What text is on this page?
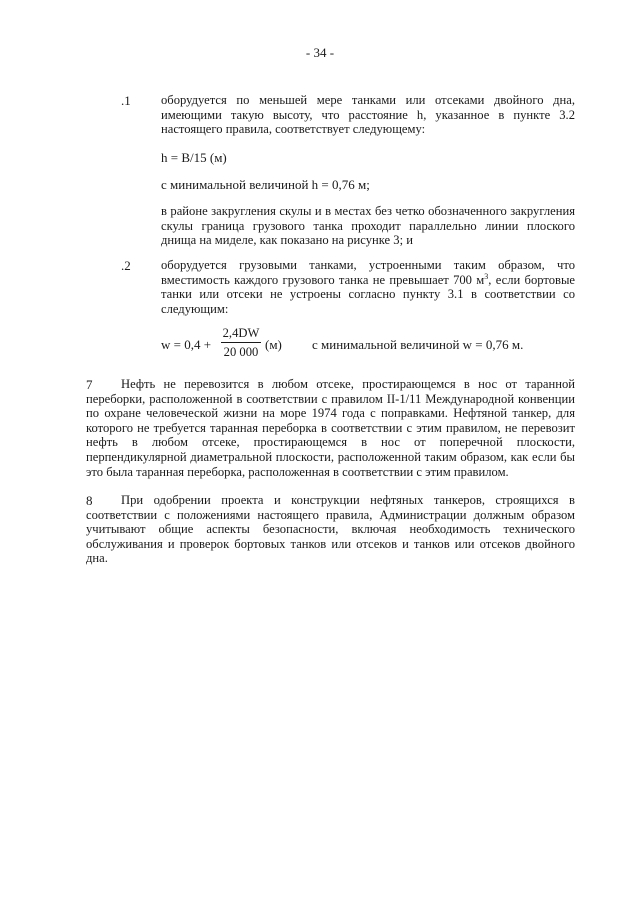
- 34 -
.1 оборудуется по меньшей мере танками или отсеками двойного дна, имеющими такую высоту, что расстояние h, указанное в пункте 3.2 настоящего правила, соответствует следующему:
h = B/15 (м)
с минимальной величиной h = 0,76 м;
в районе закругления скулы и в местах без четко обозначенного закругления скулы граница грузового танка проходит параллельно линии плоского днища на миделе, как показано на рисунке 3; и
.2 оборудуется грузовыми танками, устроенными таким образом, что вместимость каждого грузового танка не превышает 700 $м^3$, если бортовые танки или отсеки не устроены согласно пункту 3.1 в соответствии со следующим:
w = 0,4 +
2,4DW
20 000 (м) с минимальной величиной w = 0,76 м.
7	Нефть не перевозится в любом отсеке, простирающемся в нос от таранной переборки, расположенной в соответствии с правилом II-1/11 Международной конвенции по охране человеческой жизни на море 1974 года с поправками. Нефтяной танкер, для которого не требуется таранная переборка в соответствии с этим правилом, не перевозит нефть в любом отсеке, простирающемся в нос от поперечной плоскости, перпендикулярной диаметральной плоскости, расположенной таким образом, как если бы это была таранная переборка, расположенная в соответствии с этим правилом.
8	При одобрении проекта и конструкции нефтяных танкеров, строящихся в соответствии с положениями настоящего правила, Администрации должным образом учитывают общие аспекты безопасности, включая необходимость технического обслуживания и проверок бортовых танков или отсеков и танков или отсеков двойного дна.
